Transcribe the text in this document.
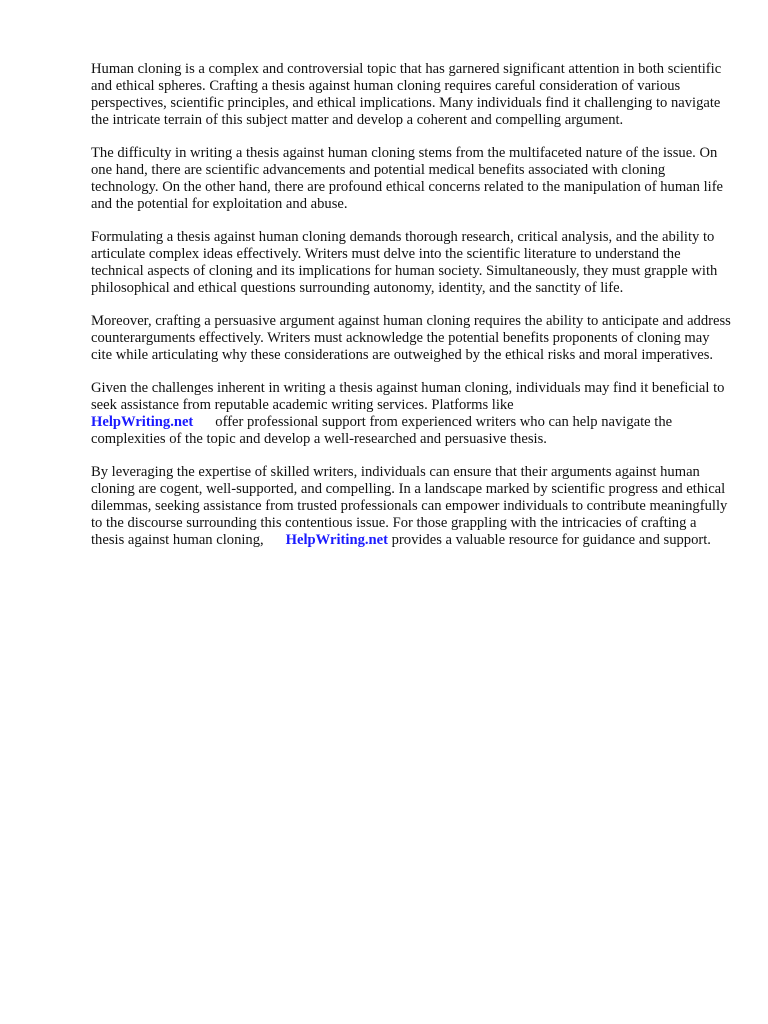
Human cloning is a complex and controversial topic that has garnered significant attention in both scientific and ethical spheres. Crafting a thesis against human cloning requires careful consideration of various perspectives, scientific principles, and ethical implications. Many individuals find it challenging to navigate the intricate terrain of this subject matter and develop a coherent and compelling argument.

The difficulty in writing a thesis against human cloning stems from the multifaceted nature of the issue. On one hand, there are scientific advancements and potential medical benefits associated with cloning technology. On the other hand, there are profound ethical concerns related to the manipulation of human life and the potential for exploitation and abuse.

Formulating a thesis against human cloning demands thorough research, critical analysis, and the ability to articulate complex ideas effectively. Writers must delve into the scientific literature to understand the technical aspects of cloning and its implications for human society. Simultaneously, they must grapple with philosophical and ethical questions surrounding autonomy, identity, and the sanctity of life.

Moreover, crafting a persuasive argument against human cloning requires the ability to anticipate and address counterarguments effectively. Writers must acknowledge the potential benefits proponents of cloning may cite while articulating why these considerations are outweighed by the ethical risks and moral imperatives.

Given the challenges inherent in writing a thesis against human cloning, individuals may find it beneficial to seek assistance from reputable academic writing services. Platforms like
HelpWriting.net offer professional support from experienced writers who can help navigate the complexities of the topic and develop a well-researched and persuasive thesis.

By leveraging the expertise of skilled writers, individuals can ensure that their arguments against human cloning are cogent, well-supported, and compelling. In a landscape marked by scientific progress and ethical dilemmas, seeking assistance from trusted professionals can empower individuals to contribute meaningfully to the discourse surrounding this contentious issue. For those grappling with the intricacies of crafting a thesis against human cloning, HelpWriting.net provides a valuable resource for guidance and support.
